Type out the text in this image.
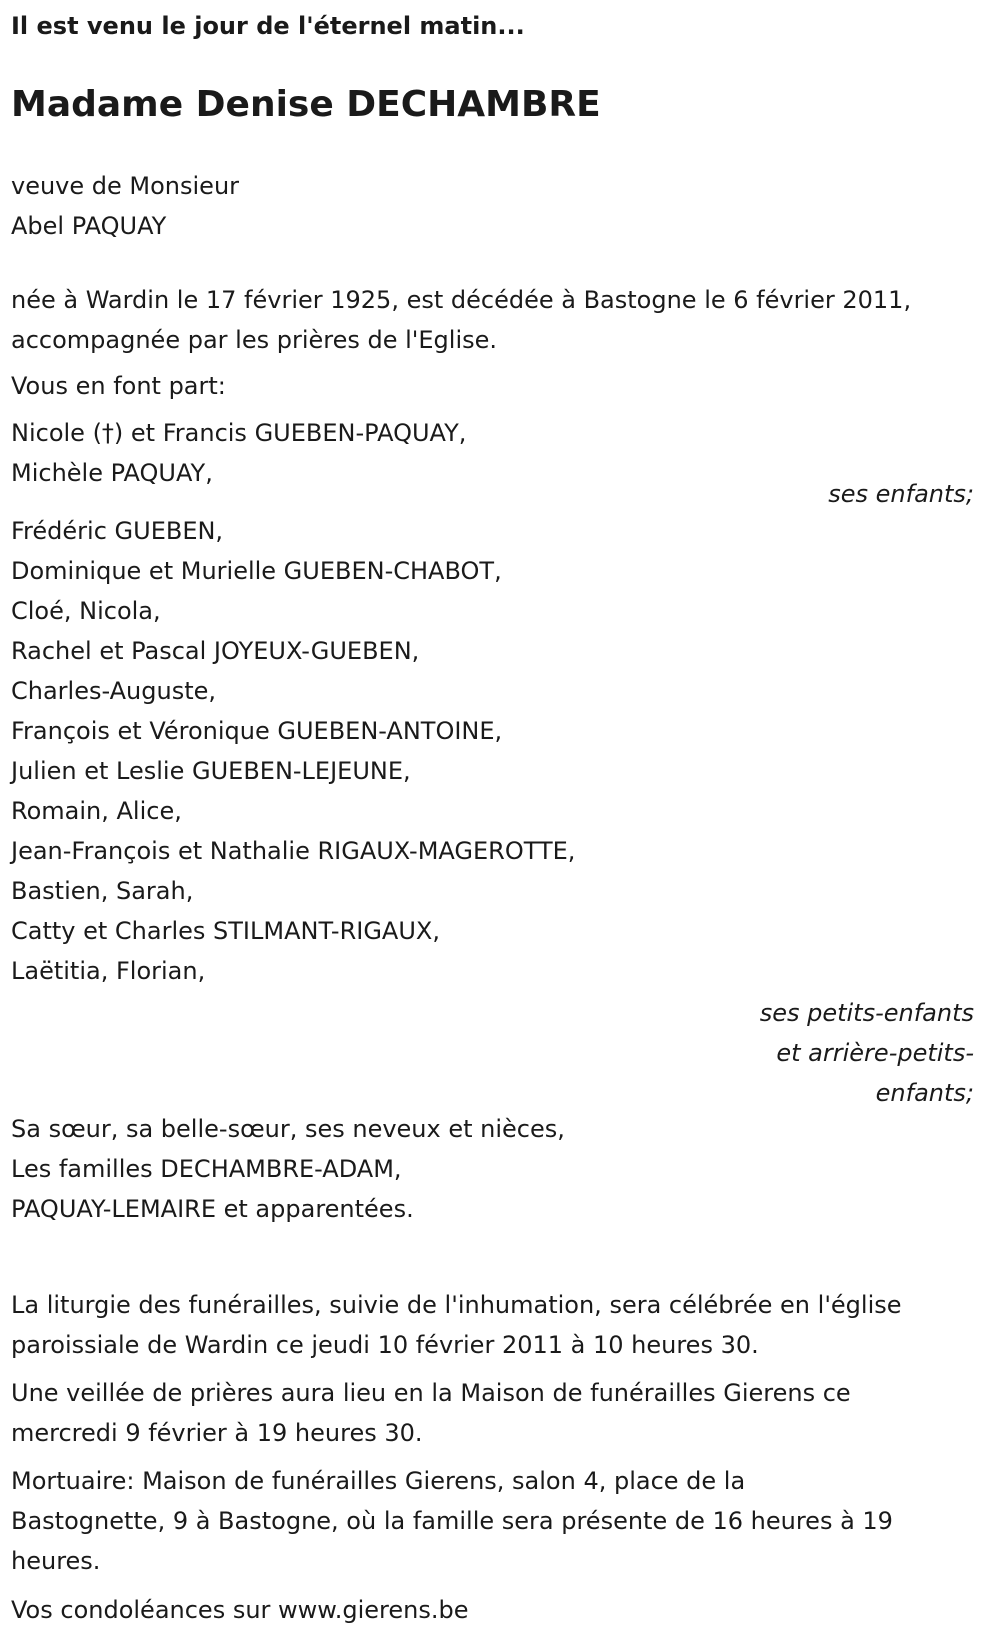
Il est venu le jour de l'éternel matin...
Madame Denise DECHAMBRE
veuve de Monsieur
Abel PAQUAY
née à Wardin le 17 février 1925, est décédée à Bastogne le 6 février 2011,
accompagnée par les prières de l'Eglise.
Vous en font part:
Nicole (†) et Francis GUEBEN-PAQUAY,
Michèle PAQUAY,
ses enfants;
Frédéric GUEBEN,
Dominique et Murielle GUEBEN-CHABOT,
Cloé, Nicola,
Rachel et Pascal JOYEUX-GUEBEN,
Charles-Auguste,
François et Véronique GUEBEN-ANTOINE,
Julien et Leslie GUEBEN-LEJEUNE,
Romain, Alice,
Jean-François et Nathalie RIGAUX-MAGEROTTE,
Bastien, Sarah,
Catty et Charles STILMANT-RIGAUX,
Laëtitia, Florian,
ses petits-enfants
et arrière-petits-
enfants;
Sa sœur, sa belle-sœur, ses neveux et nièces,
Les familles DECHAMBRE-ADAM,
PAQUAY-LEMAIRE et apparentées.
La liturgie des funérailles, suivie de l'inhumation, sera célébrée en l'église
paroissiale de Wardin ce jeudi 10 février 2011 à 10 heures 30.
Une veillée de prières aura lieu en la Maison de funérailles Gierens ce
mercredi 9 février à 19 heures 30.
Mortuaire: Maison de funérailles Gierens, salon 4, place de la
Bastognette, 9 à Bastogne, où la famille sera présente de 16 heures à 19
heures.
Vos condoléances sur www.gierens.be
